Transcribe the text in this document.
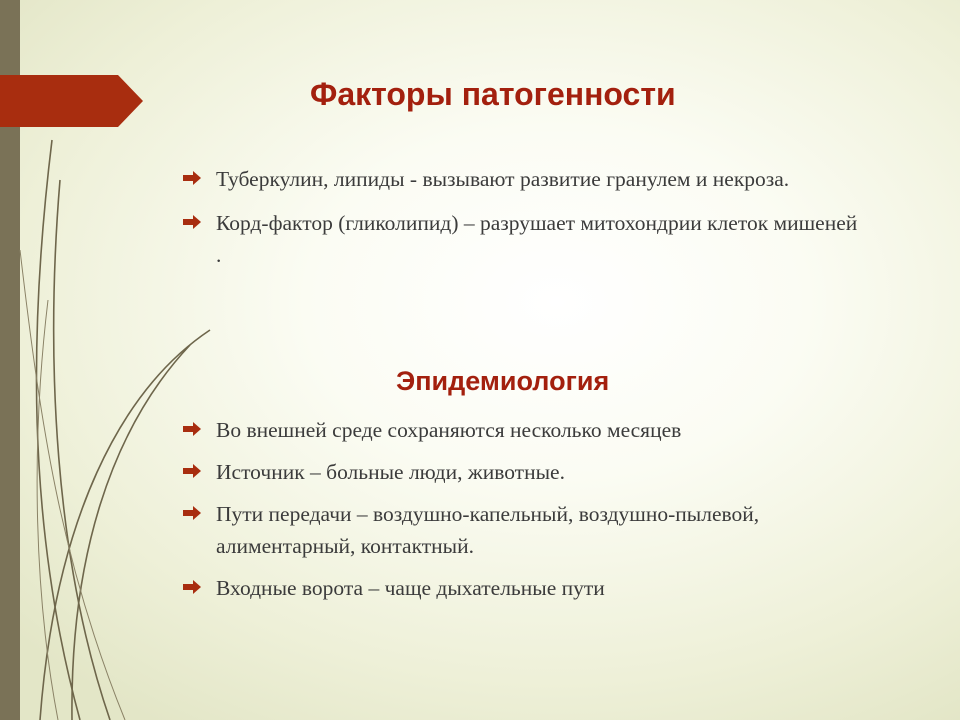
Факторы патогенности
Туберкулин, липиды - вызывают развитие гранулем и некроза.
Корд-фактор (гликолипид) – разрушает митохондрии клеток мишеней .
Эпидемиология
Во внешней среде сохраняются несколько месяцев
Источник – больные люди, животные.
Пути передачи – воздушно-капельный, воздушно-пылевой, алиментарный, контактный.
Входные ворота – чаще дыхательные пути
